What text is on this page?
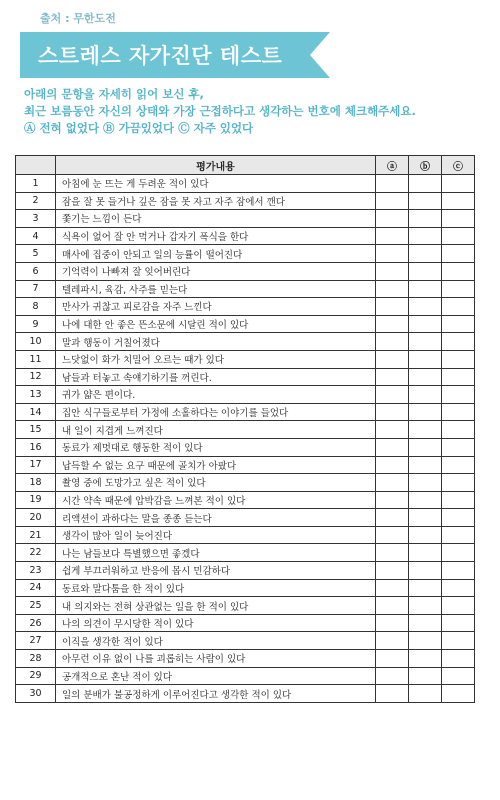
출처 : 무한도전
스트레스 자가진단 테스트
아래의 문항을 자세히 읽어 보신 후,
최근 보름동안 자신의 상태와 가장 근접하다고 생각하는 번호에 체크해주세요.
Ⓐ 전혀 없었다 Ⓑ 가끔있었다 Ⓒ 자주 있었다
	평가내용	ⓐ	ⓑ	ⓒ
1	아침에 눈 뜨는 게 두려운 적이 있다			
2	잠을 잘 못 들거나 깊은 잠을 못 자고 자주 잠에서 깬다			
3	쫓기는 느낌이 든다			
4	식욕이 없어 잘 안 먹거나 갑자기 폭식을 한다			
5	매사에 집중이 안되고 일의 능률이 떨어진다			
6	기억력이 나빠져 잘 잊어버린다			
7	텔레파시, 육감, 사주를 믿는다			
8	만사가 귀찮고 피로감을 자주 느낀다			
9	나에 대한 안 좋은 뜬소문에 시달린 적이 있다			
10	말과 행동이 거칠어졌다			
11	느닷없이 화가 치밀어 오르는 때가 있다			
12	남들과 터놓고 속얘기하기를 꺼린다.			
13	귀가 얇은 편이다.			
14	집안 식구들로부터 가정에 소홀하다는 이야기를 들었다			
15	내 일이 지겹게 느껴진다			
16	동료가 제멋대로 행동한 적이 있다			
17	납득할 수 없는 요구 때문에 골치가 아팠다			
18	촬영 중에 도망가고 싶은 적이 있다			
19	시간 약속 때문에 압박감을 느껴본 적이 있다			
20	리액션이 과하다는 말을 종종 듣는다			
21	생각이 많아 일이 늦어진다			
22	나는 남들보다 특별했으면 좋겠다			
23	쉽게 부끄러워하고 반응에 몹시 민감하다			
24	동료와 말다툼을 한 적이 있다			
25	내 의지와는 전혀 상관없는 일을 한 적이 있다			
26	나의 의견이 무시당한 적이 있다			
27	이직을 생각한 적이 있다			
28	아무런 이유 없이 나를 괴롭히는 사람이 있다			
29	공개적으로 혼난 적이 있다			
30	일의 분배가 불공정하게 이루어진다고 생각한 적이 있다			
